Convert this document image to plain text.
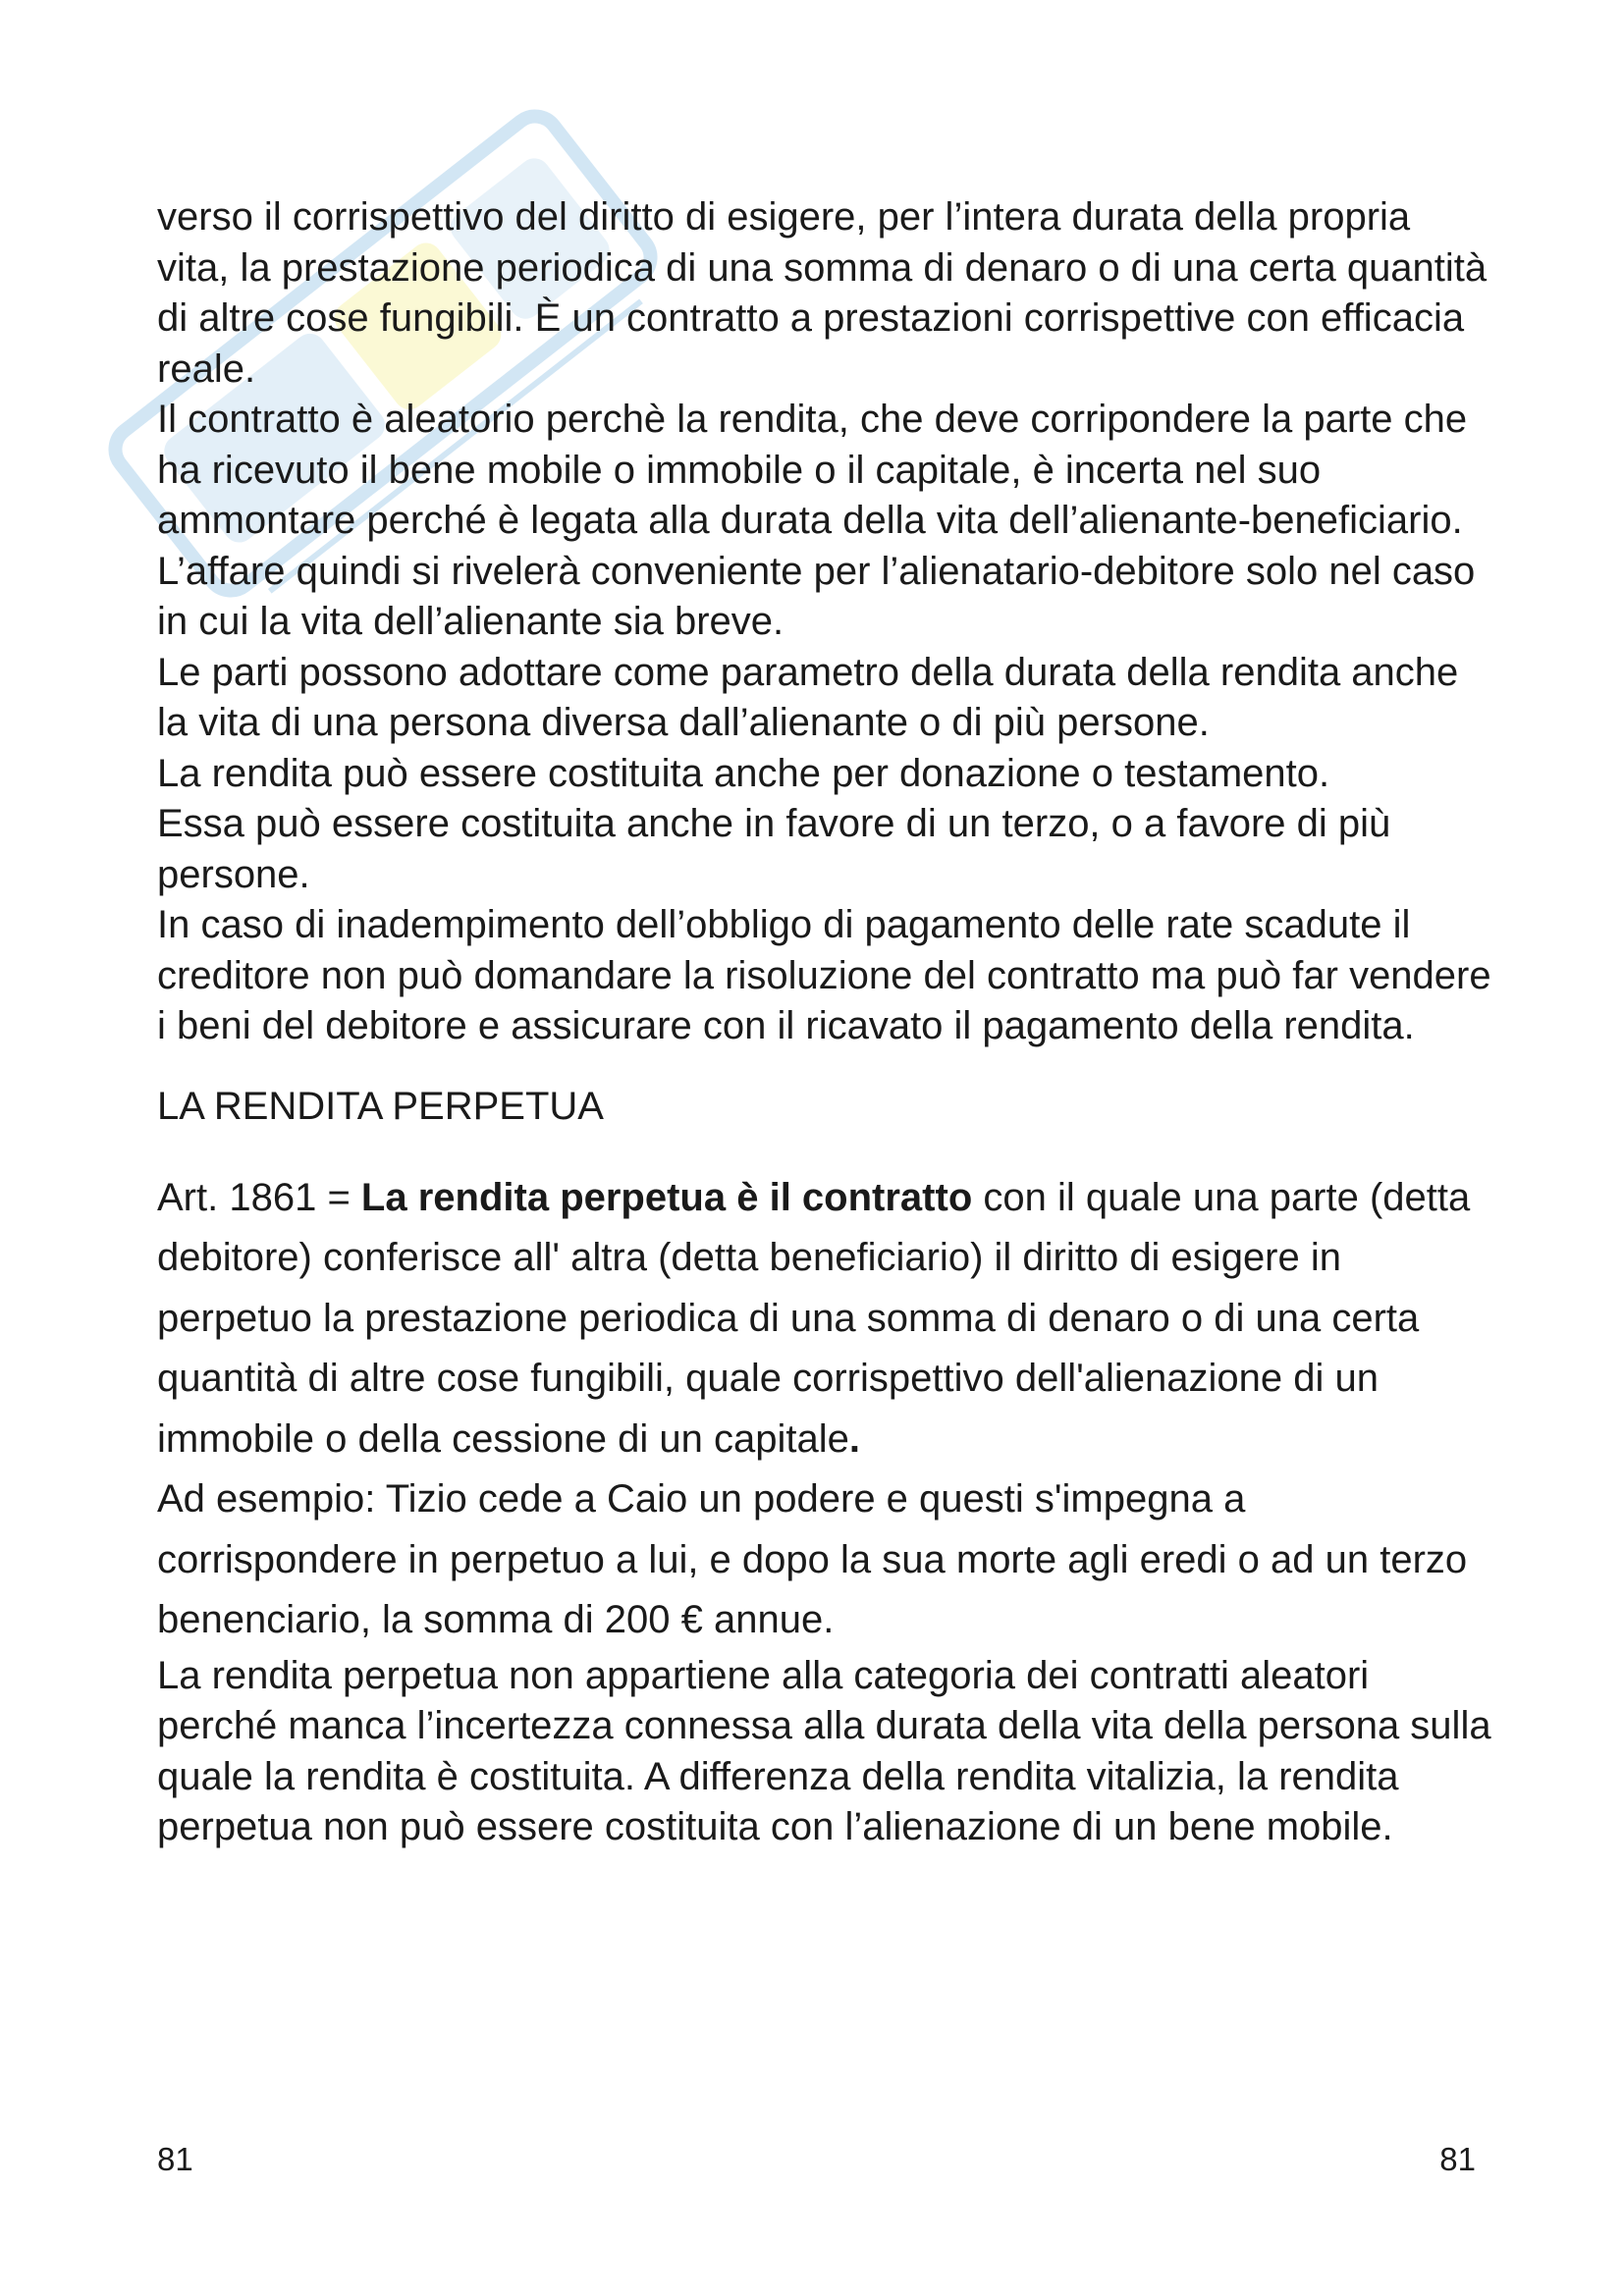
verso il corrispettivo del diritto di esigere, per l’intera durata della propria vita, la prestazione periodica di una somma di denaro o di una certa quantità di altre cose fungibili. È un contratto a prestazioni corrispettive con efficacia reale.

Il contratto è aleatorio perchè la rendita, che deve corripondere la parte che ha ricevuto il bene mobile o immobile o il capitale, è incerta nel suo ammontare perché è legata alla durata della vita dell’alienante-beneficiario. L’affare quindi si rivelerà conveniente per l’alienatario-debitore solo nel caso in cui la vita dell’alienante sia breve.

Le parti possono adottare come parametro della durata della rendita anche la vita di una persona diversa dall’alienante o di più persone.

La rendita può essere costituita anche per donazione o testamento.

Essa può essere costituita anche in favore di un terzo, o a favore di più persone.

In caso di inadempimento dell’obbligo di pagamento delle rate scadute il creditore non può domandare la risoluzione del contratto ma può far vendere i beni del debitore e assicurare con il ricavato il pagamento della rendita.

LA RENDITA PERPETUA

Art. 1861 = La rendita perpetua è il contratto con il quale una parte (detta debitore) conferisce all' altra (detta beneficiario) il diritto di esigere in perpetuo la prestazione periodica di una somma di denaro o di una certa quantità di altre cose fungibili, quale corrispettivo dell'alienazione di un immobile o della cessione di un capitale.
Ad esempio: Tizio cede a Caio un podere e questi s'impegna a corrispondere in perpetuo a lui, e dopo la sua morte agli eredi o ad un terzo benenciario, la somma di 200 € annue.

La rendita perpetua non appartiene alla categoria dei contratti aleatori perché manca l’incertezza connessa alla durata della vita della persona sulla quale la rendita è costituita. A differenza della rendita vitalizia, la rendita perpetua non può essere costituita con l’alienazione di un bene mobile.

81	81
